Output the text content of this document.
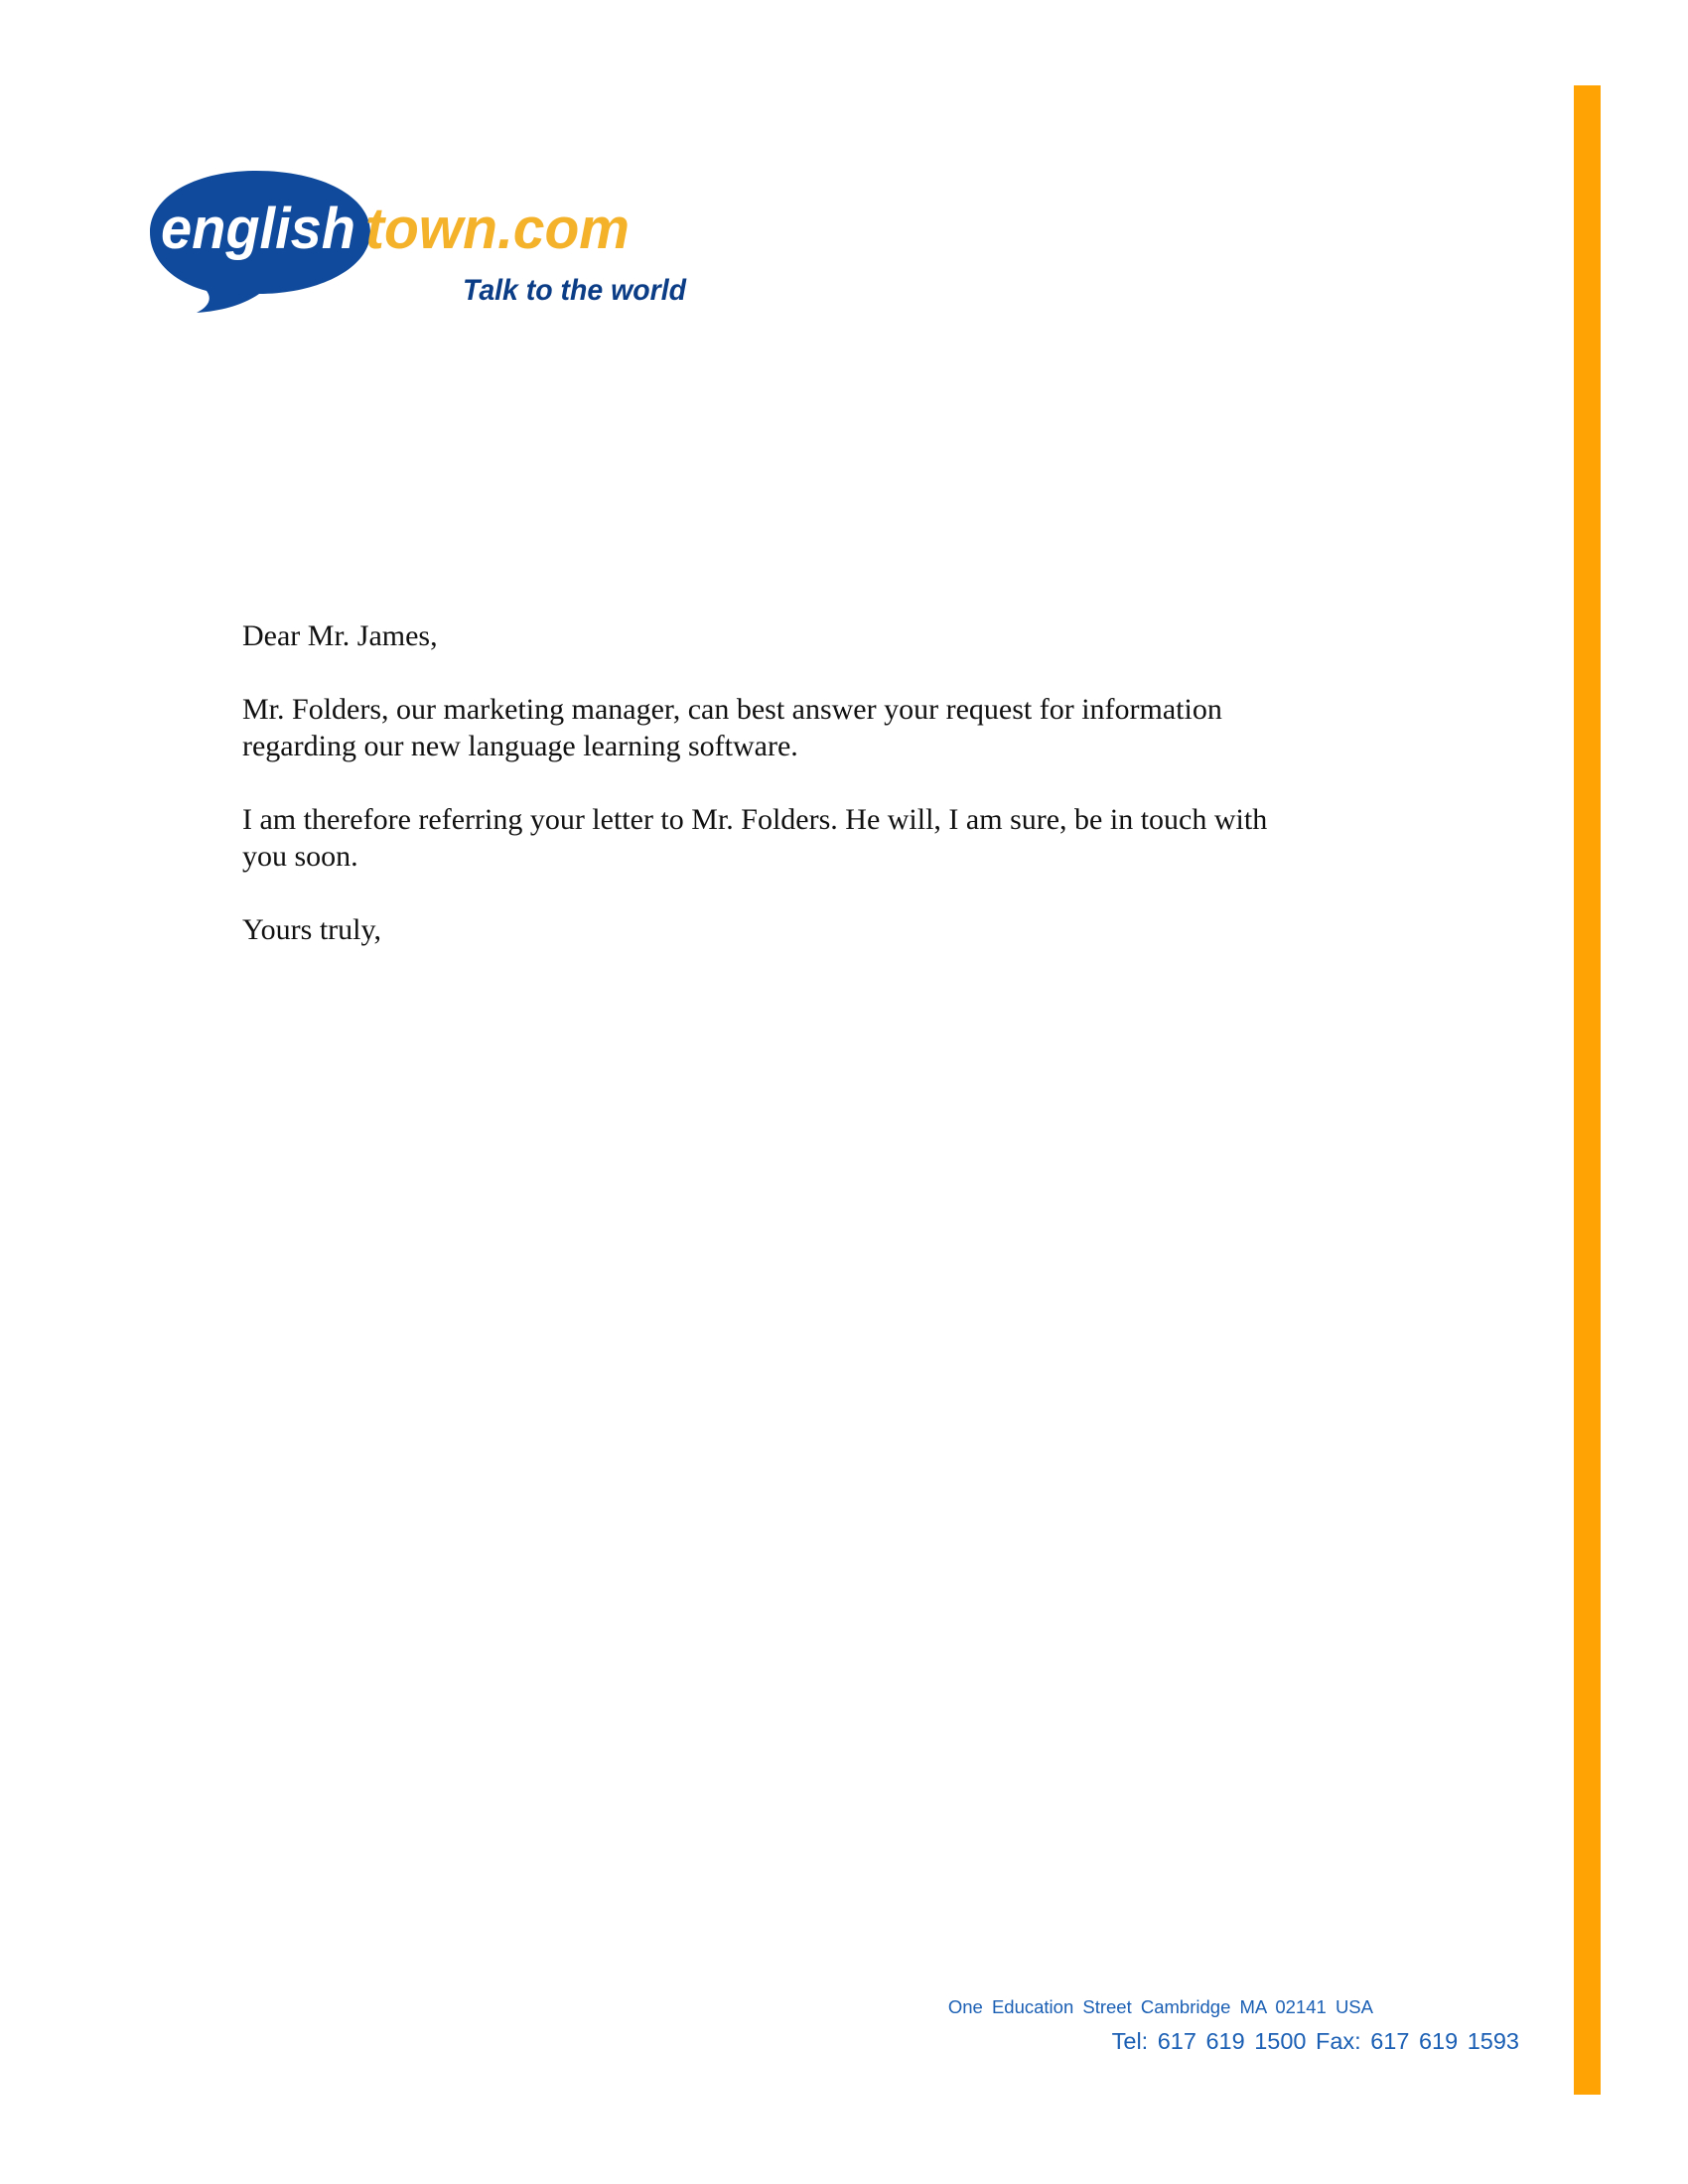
english town.com
Talk to the world

Dear Mr. James,

Mr. Folders, our marketing manager, can best answer your request for information
regarding our new language learning software.

I am therefore referring your letter to Mr. Folders. He will, I am sure, be in touch with
you soon.

Yours truly,

One Education Street Cambridge MA 02141 USA
Tel: 617 619 1500 Fax: 617 619 1593
